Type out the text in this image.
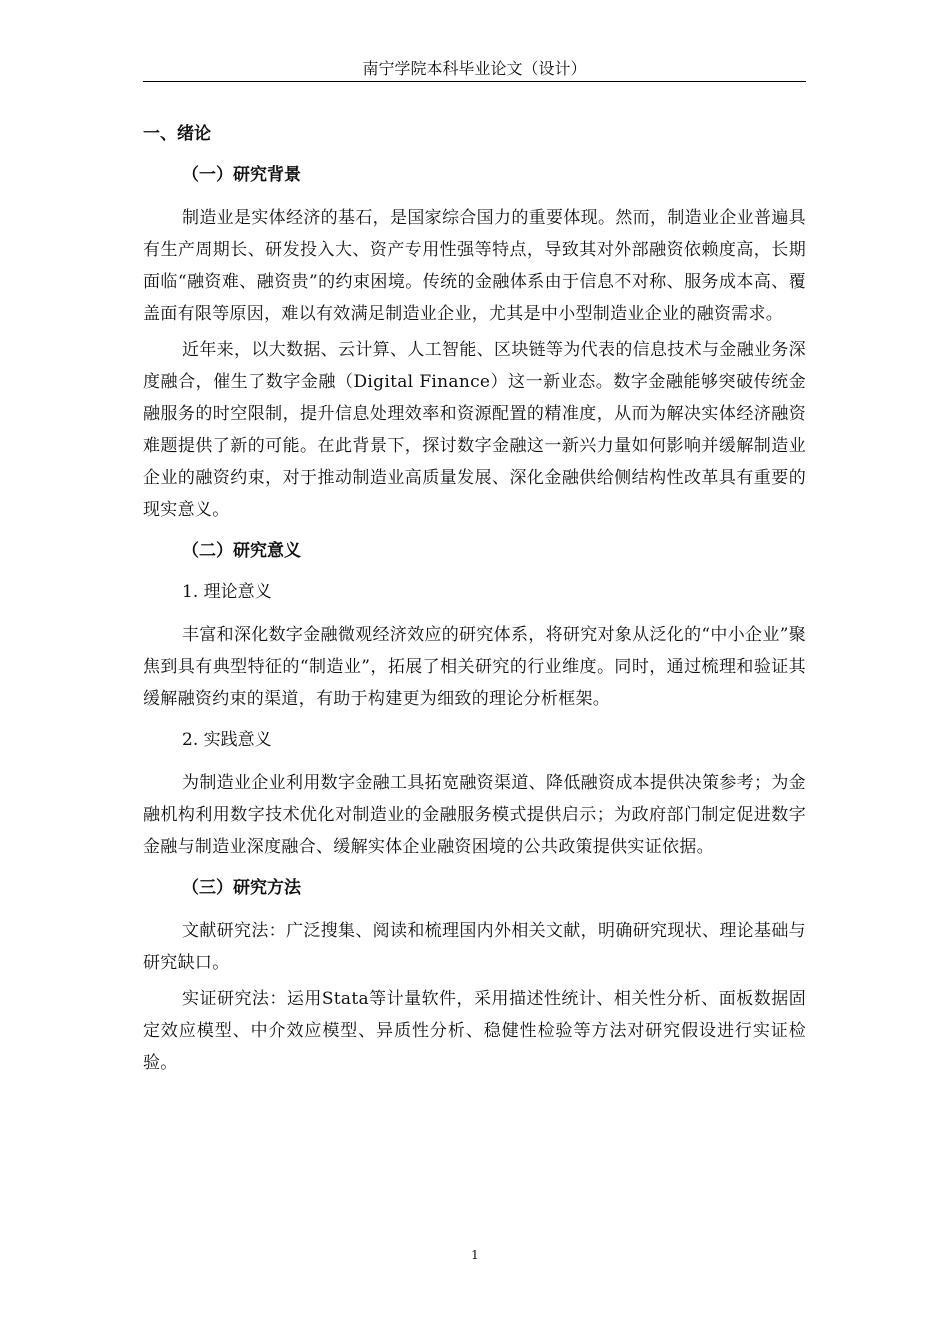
南宁学院本科毕业论文（设计）
一、绪论
（一）研究背景

制造业是实体经济的基石，是国家综合国力的重要体现。然而，制造业企业普遍具有生产周期长、研发投入大、资产专用性强等特点，导致其对外部融资依赖度高，长期面临“融资难、融资贵”的约束困境。传统的金融体系由于信息不对称、服务成本高、覆盖面有限等原因，难以有效满足制造业企业，尤其是中小型制造业企业的融资需求。

近年来，以大数据、云计算、人工智能、区块链等为代表的信息技术与金融业务深度融合，催生了数字金融（Digital Finance）这一新业态。数字金融能够突破传统金融服务的时空限制，提升信息处理效率和资源配置的精准度，从而为解决实体经济融资难题提供了新的可能。在此背景下，探讨数字金融这一新兴力量如何影响并缓解制造业企业的融资约束，对于推动制造业高质量发展、深化金融供给侧结构性改革具有重要的现实意义。

（二）研究意义
1. 理论意义

丰富和深化数字金融微观经济效应的研究体系，将研究对象从泛化的“中小企业”聚焦到具有典型特征的“制造业”，拓展了相关研究的行业维度。同时，通过梳理和验证其缓解融资约束的渠道，有助于构建更为细致的理论分析框架。

2. 实践意义

为制造业企业利用数字金融工具拓宽融资渠道、降低融资成本提供决策参考；为金融机构利用数字技术优化对制造业的金融服务模式提供启示；为政府部门制定促进数字金融与制造业深度融合、缓解实体企业融资困境的公共政策提供实证依据。

（三）研究方法

文献研究法：广泛搜集、阅读和梳理国内外相关文献，明确研究现状、理论基础与研究缺口。

实证研究法：运用Stata等计量软件，采用描述性统计、相关性分析、面板数据固定效应模型、中介效应模型、异质性分析、稳健性检验等方法对研究假设进行实证检验。

1
